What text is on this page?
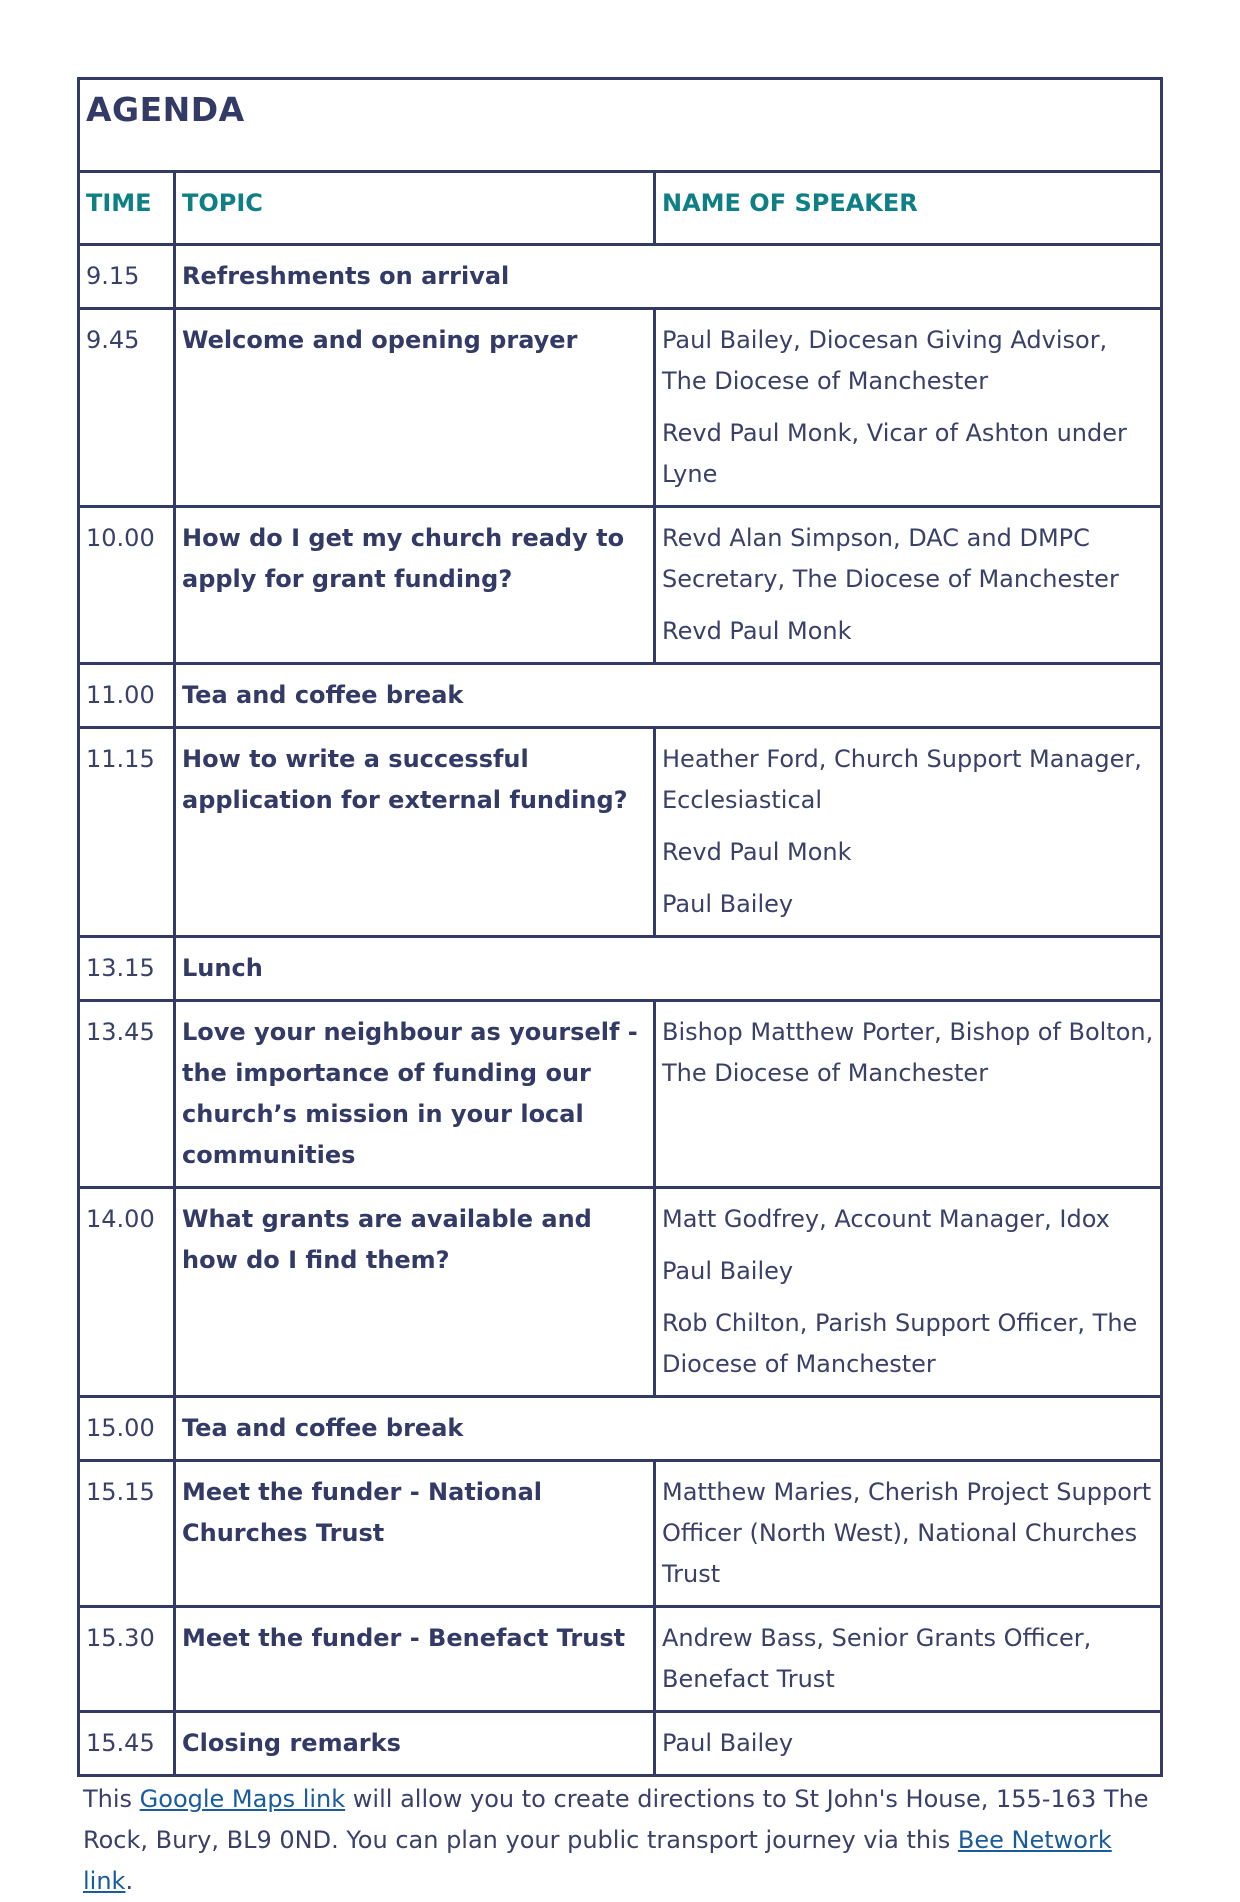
AGENDA		
TIME	TOPIC	NAME OF SPEAKER
9.15	Refreshments on arrival	
9.45	Welcome and opening prayer	Paul Bailey, Diocesan Giving Advisor, The Diocese of Manchester

Revd Paul Monk, Vicar of Ashton under Lyne

10.00	How do I get my church ready to apply for grant funding?	Revd Alan Simpson, DAC and DMPC Secretary, The Diocese of Manchester

Revd Paul Monk

11.00	Tea and coffee break	
11.15	How to write a successful application for external funding?	Heather Ford, Church Support Manager, Ecclesiastical

Revd Paul Monk

Paul Bailey

13.15	Lunch	
13.45	Love your neighbour as yourself - the importance of funding our church’s mission in your local communities	Bishop Matthew Porter, Bishop of Bolton, The Diocese of Manchester

14.00	What grants are available and how do I find them?	Matt Godfrey, Account Manager, Idox

Paul Bailey

Rob Chilton, Parish Support Officer, The Diocese of Manchester

15.00	Tea and coffee break	
15.15	Meet the funder - National Churches Trust	Matthew Maries, Cherish Project Support Officer (North West), National Churches Trust

15.30	Meet the funder - Benefact Trust	Andrew Bass, Senior Grants Officer, Benefact Trust

15.45	Closing remarks	Paul Bailey

This Google Maps link will allow you to create directions to St John's House, 155-163 The Rock, Bury, BL9 0ND. You can plan your public transport journey via this Bee Network link.
